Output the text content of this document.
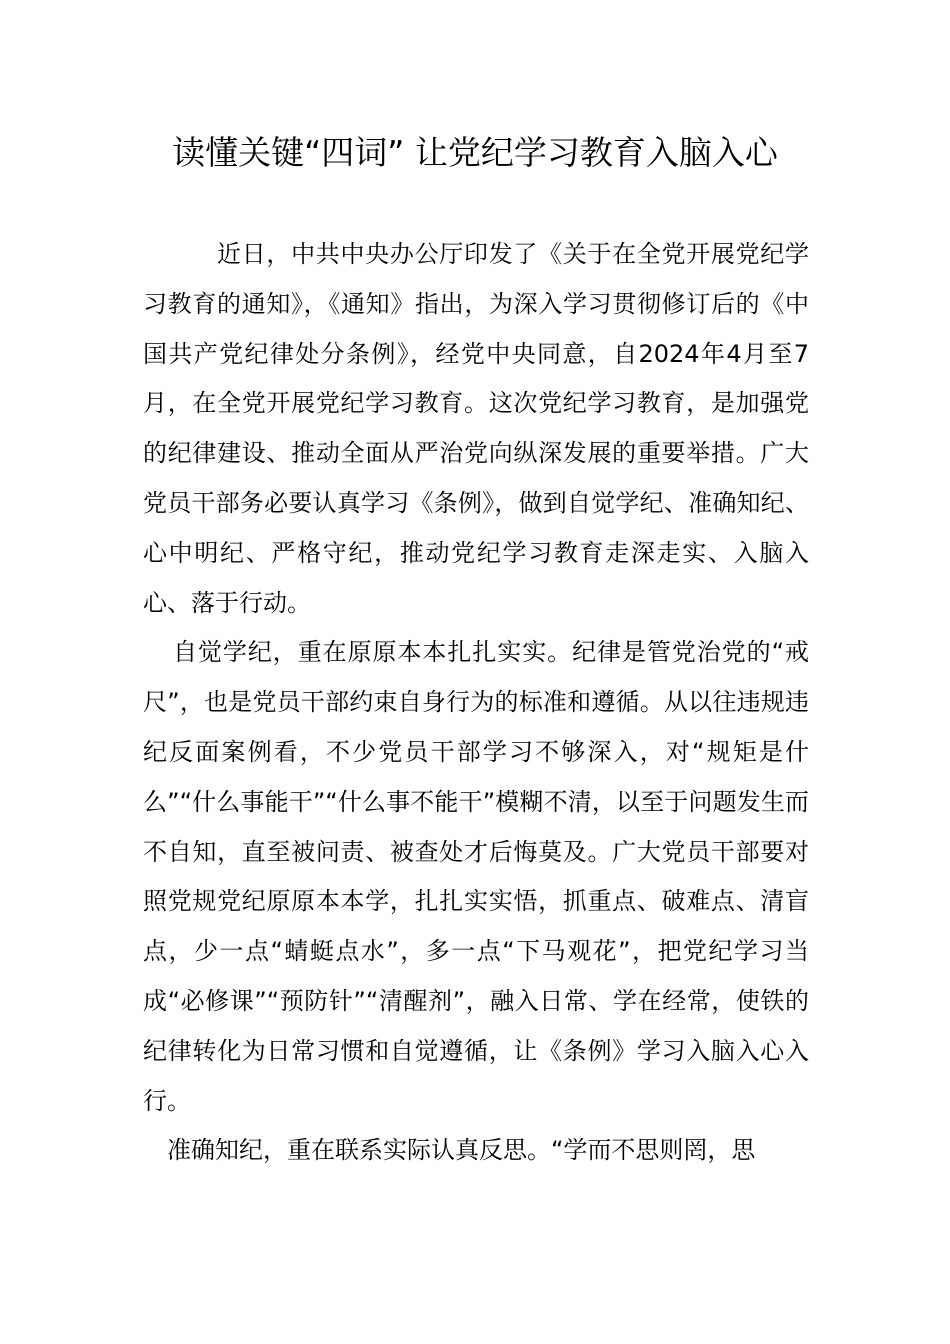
读懂关键“四词” 让党纪学习教育入脑入心

近日，中共中央办公厅印发了《关于在全党开展党纪学习教育的通知》，《通知》指出，为深入学习贯彻修订后的《中国共产党纪律处分条例》，经党中央同意，自2024年4月至7月，在全党开展党纪学习教育。这次党纪学习教育，是加强党的纪律建设、推动全面从严治党向纵深发展的重要举措。广大党员干部务必要认真学习《条例》，做到自觉学纪、准确知纪、心中明纪、严格守纪，推动党纪学习教育走深走实、入脑入心、落于行动。

自觉学纪，重在原原本本扎扎实实。纪律是管党治党的“戒尺”，也是党员干部约束自身行为的标准和遵循。从以往违规违纪反面案例看，不少党员干部学习不够深入，对“规矩是什么”“什么事能干”“什么事不能干”模糊不清，以至于问题发生而不自知，直至被问责、被查处才后悔莫及。广大党员干部要对照党规党纪原原本本学，扎扎实实悟，抓重点、破难点、清盲点，少一点“蜻蜓点水”，多一点“下马观花”，把党纪学习当成“必修课”“预防针”“清醒剂”，融入日常、学在经常，使铁的纪律转化为日常习惯和自觉遵循，让《条例》学习入脑入心入行。

准确知纪，重在联系实际认真反思。“学而不思则罔，思
